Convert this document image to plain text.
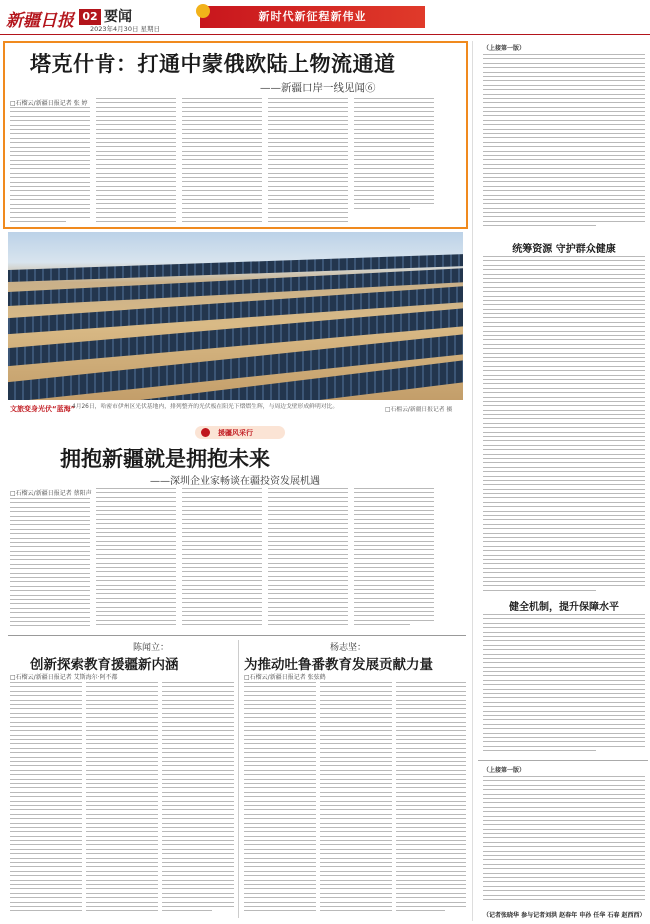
新疆日报 02 要闻
2023年4月30日 星期日
新时代新征程新伟业
塔克什肯：打通中蒙俄欧陆上物流通道
——新疆口岸一线见闻⑥
□石榴云/新疆日报记者 张 婷
文旅变身光伏“蓝海”
4月26日，哈密市伊州区光伏基地内，排列整齐的光伏板在阳光下熠熠生辉，与周边戈壁形成鲜明对比。	□石榴云/新疆日报记者 摄
（上接第一版）
统筹资源 守护群众健康
健全机制，提升保障水平
（上接第一版）
（记者张晓华 参与记者刘洪 赵春年 申孙 任华 石春 赵西西）
援疆风采行
拥抱新疆就是拥抱未来
——深圳企业家畅谈在疆投资发展机遇
□石榴云/新疆日报记者 蔡阳声
陈闻立：
创新探索教育援疆新内涵
□石榴云/新疆日报记者 艾斯海尔·阿不都
杨志坚：
为推动吐鲁番教育发展贡献力量
□石榴云/新疆日报记者 张弦鹤
